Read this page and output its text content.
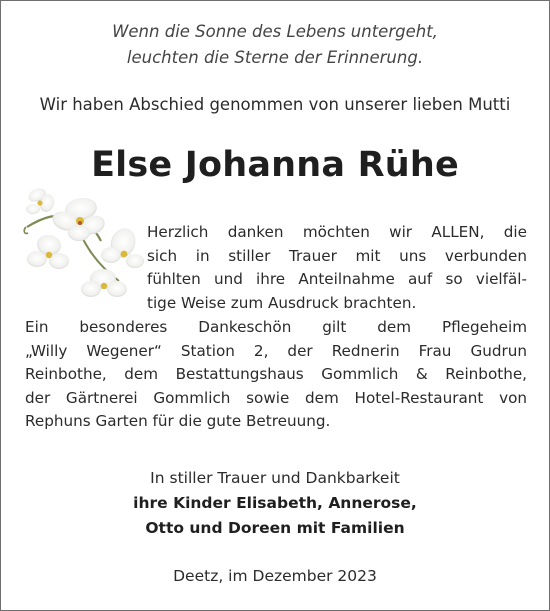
Wenn die Sonne des Lebens untergeht,
leuchten die Sterne der Erinnerung.
Wir haben Abschied genommen von unserer lieben Mutti
Else Johanna Rühe
Herzlich danken möchten wir ALLEN, die
sich in stiller Trauer mit uns verbunden
fühlten und ihre Anteilnahme auf so vielfäl-
tige Weise zum Ausdruck brachten.
Ein besonderes Dankeschön gilt dem Pflegeheim
„Willy Wegener“ Station 2, der Rednerin Frau Gudrun
Reinbothe, dem Bestattungshaus Gommlich & Reinbothe,
der Gärtnerei Gommlich sowie dem Hotel-Restaurant von
Rephuns Garten für die gute Betreuung.
In stiller Trauer und Dankbarkeit
ihre Kinder Elisabeth, Annerose,
Otto und Doreen mit Familien
Deetz, im Dezember 2023
